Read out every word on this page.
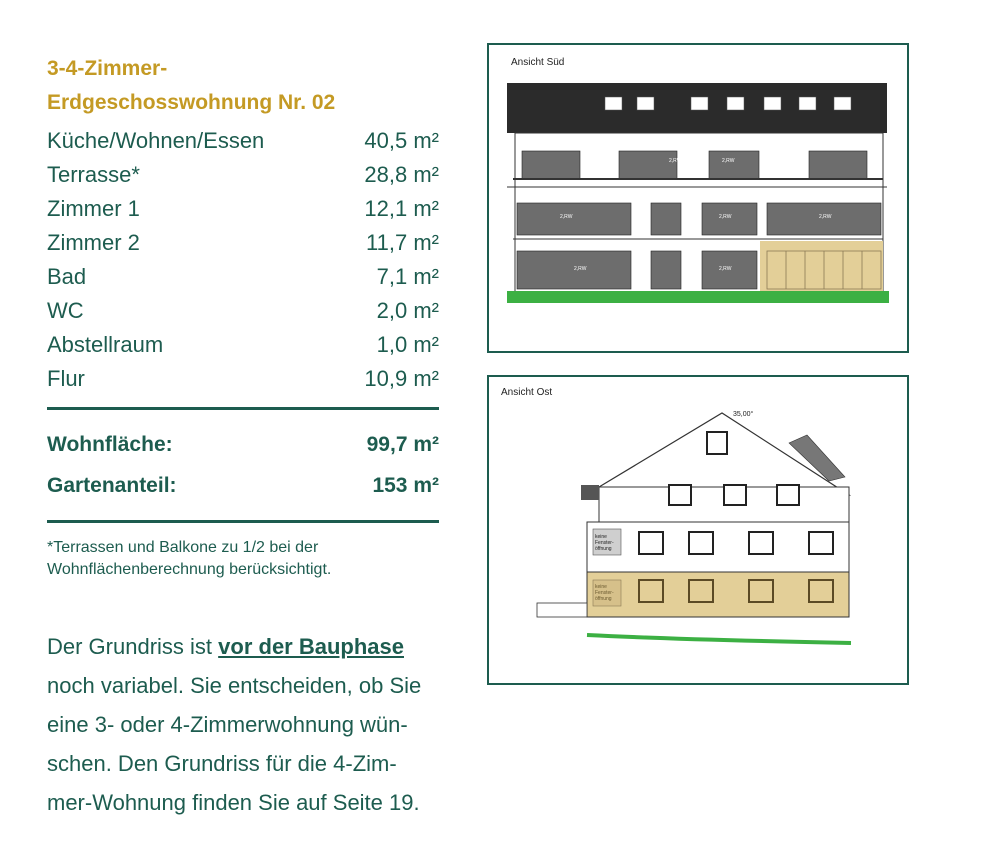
3-4-Zimmer-
Erdgeschosswohnung Nr. 02
Küche/Wohnen/Essen	40,5 m²
Terrasse*	28,8 m²
Zimmer 1	12,1 m²
Zimmer 2	11,7 m²
Bad	7,1 m²
WC	2,0 m²
Abstellraum	1,0 m²
Flur	10,9 m²
Wohnfläche:	99,7 m²
Gartenanteil:	153 m²
*Terrassen und Balkone zu 1/2 bei der
Wohnflächenberechnung berücksichtigt.
Der Grundriss ist vor der Bauphase
noch variabel. Sie entscheiden, ob Sie
eine 3- oder 4-Zimmerwohnung wün-
schen. Den Grundriss für die 4-Zim-
mer-Wohnung finden Sie auf Seite 19.
2,RW	2,RW
2,RW	2,RW	2,RW
2,RW	2,RW
Ansicht Süd
Ansicht Ost
35,00°
keine Fenster-öffnung
keine Fenster-öffnung
